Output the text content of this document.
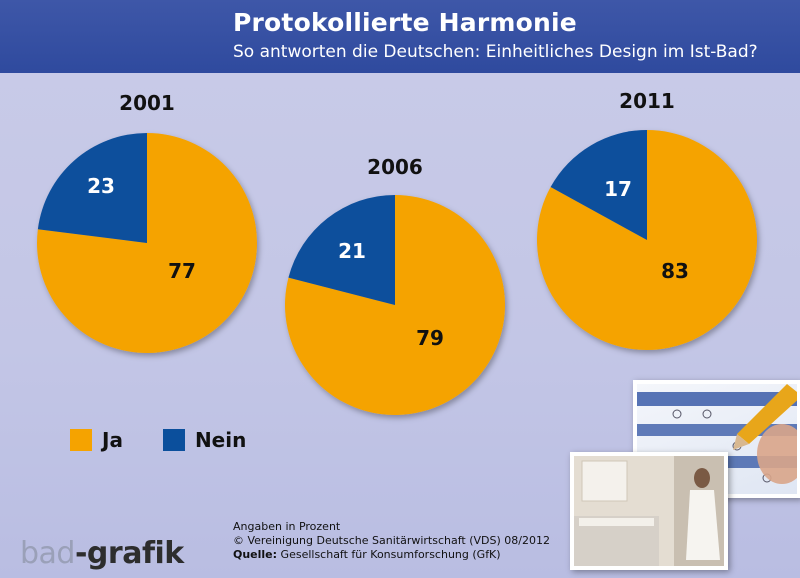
Protokollierte Harmonie
So antworten die Deutschen: Einheitliches Design im Ist-Bad?
2001
77
23
2006
79
21
2011
83
17
Ja	Nein
Angaben in Prozent
© Vereinigung Deutsche Sanitärwirtschaft (VDS) 08/2012
Quelle: Gesellschaft für Konsumforschung (GfK)
bad-grafik
